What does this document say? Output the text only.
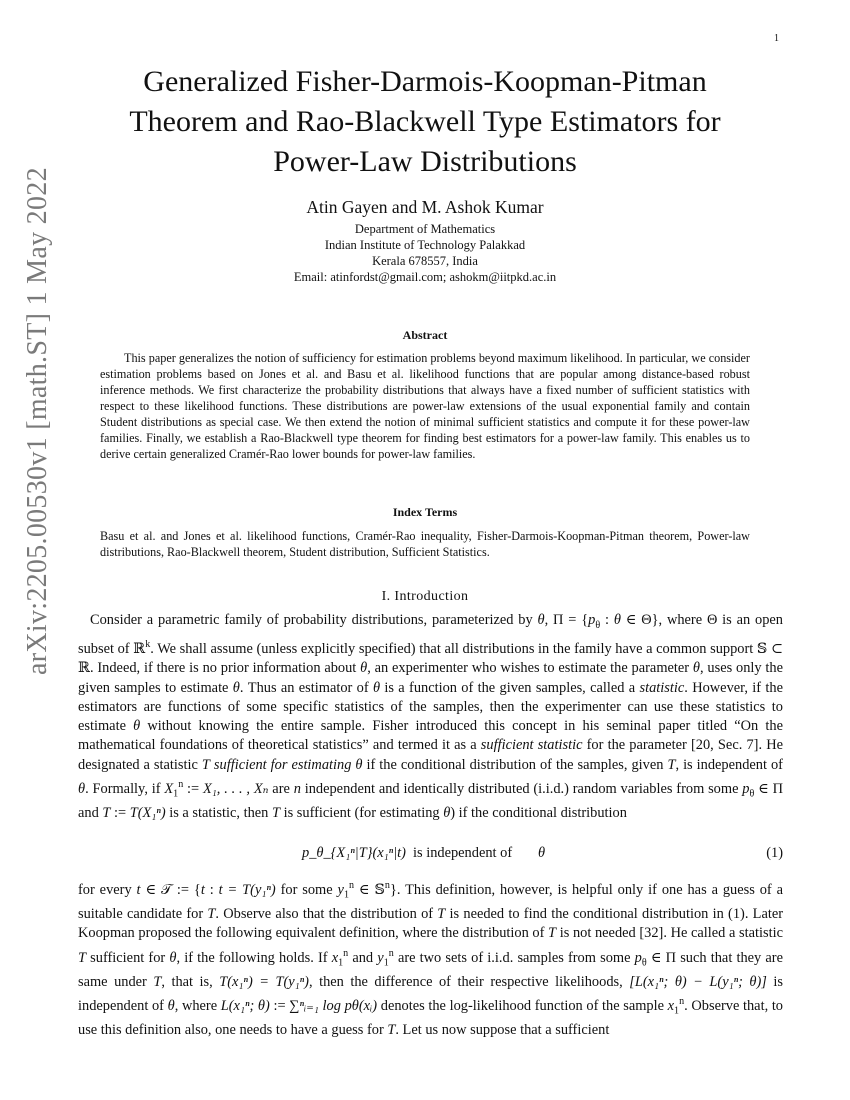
1
arXiv:2205.00530v1 [math.ST] 1 May 2022
Generalized Fisher-Darmois-Koopman-Pitman
Theorem and Rao-Blackwell Type Estimators for
Power-Law Distributions
Atin Gayen and M. Ashok Kumar
Department of Mathematics
Indian Institute of Technology Palakkad
Kerala 678557, India
Email: atinfordst@gmail.com; ashokm@iitpkd.ac.in
Abstract

This paper generalizes the notion of sufficiency for estimation problems beyond maximum likelihood. In particular, we consider estimation problems based on Jones et al. and Basu et al. likelihood functions that are popular among distance-based robust inference methods. We first characterize the probability distributions that always have a fixed number of sufficient statistics with respect to these likelihood functions. These distributions are power-law extensions of the usual exponential family and contain Student distributions as special case. We then extend the notion of minimal sufficient statistics and compute it for these power-law families. Finally, we establish a Rao-Blackwell type theorem for finding best estimators for a power-law family. This enables us to derive certain generalized Cramér-Rao lower bounds for power-law families.

Index Terms

Basu et al. and Jones et al. likelihood functions, Cramér-Rao inequality, Fisher-Darmois-Koopman-Pitman theorem, Power-law distributions, Rao-Blackwell theorem, Student distribution, Sufficient Statistics.

I. Introduction

Consider a parametric family of probability distributions, parameterized by θ, $\Pi = \{p_\theta$ : θ ∈ Θ}, where Θ is an open subset of ℝ$^k$. We shall assume (unless explicitly specified) that all distributions in the family have a common support 𝕊 ⊂ ℝ. Indeed, if there is no prior information about θ, an experimenter who wishes to estimate the parameter θ, uses only the given samples to estimate θ. Thus an estimator of θ is a function of the given samples, called a statistic. However, if the estimators are functions of some specific statistics of the samples, then the experimenter can use these statistics to estimate θ without knowing the entire sample. Fisher introduced this concept in his seminal paper titled “On the mathematical foundations of theoretical statistics” and termed it as a sufficient statistic for the parameter [20, Sec. 7]. He designated a statistic T sufficient for estimating θ if the conditional distribution of the samples, given T, is independent of θ. Formally, if $X_1^n$ := X₁, . . . , Xₙ are n independent and identically distributed (i.i.d.) random variables from some $p_\theta$ ∈ Π and T := T(X₁ⁿ) is a statistic, then T is sufficient (for estimating θ) if the conditional distribution

p_θ_{X₁ⁿ|T}(x₁ⁿ|t) is independent of θ	(1)

for every t ∈ 𝒯 := {t : t = T(y₁ⁿ) for some $y_1^n$ ∈ 𝕊$^n$}. This definition, however, is helpful only if one has a guess of a suitable candidate for T. Observe also that the distribution of T is needed to find the conditional distribution in (1). Later Koopman proposed the following equivalent definition, where the distribution of T is not needed [32]. He called a statistic T sufficient for θ, if the following holds. If $x_1^n$ and $y_1^n$ are two sets of i.i.d. samples from some $p_\theta$ ∈ Π such that they are same under T, that is, T(x₁ⁿ) = T(y₁ⁿ), then the difference of their respective likelihoods, [L(x₁ⁿ; θ) − L(y₁ⁿ; θ)] is independent of θ, where L(x₁ⁿ; θ) := ∑ⁿᵢ₌₁ log pθ(xᵢ) denotes the log-likelihood function of the sample $x_1^n$. Observe that, to use this definition also, one needs to have a guess for T. Let us now suppose that a sufficient
